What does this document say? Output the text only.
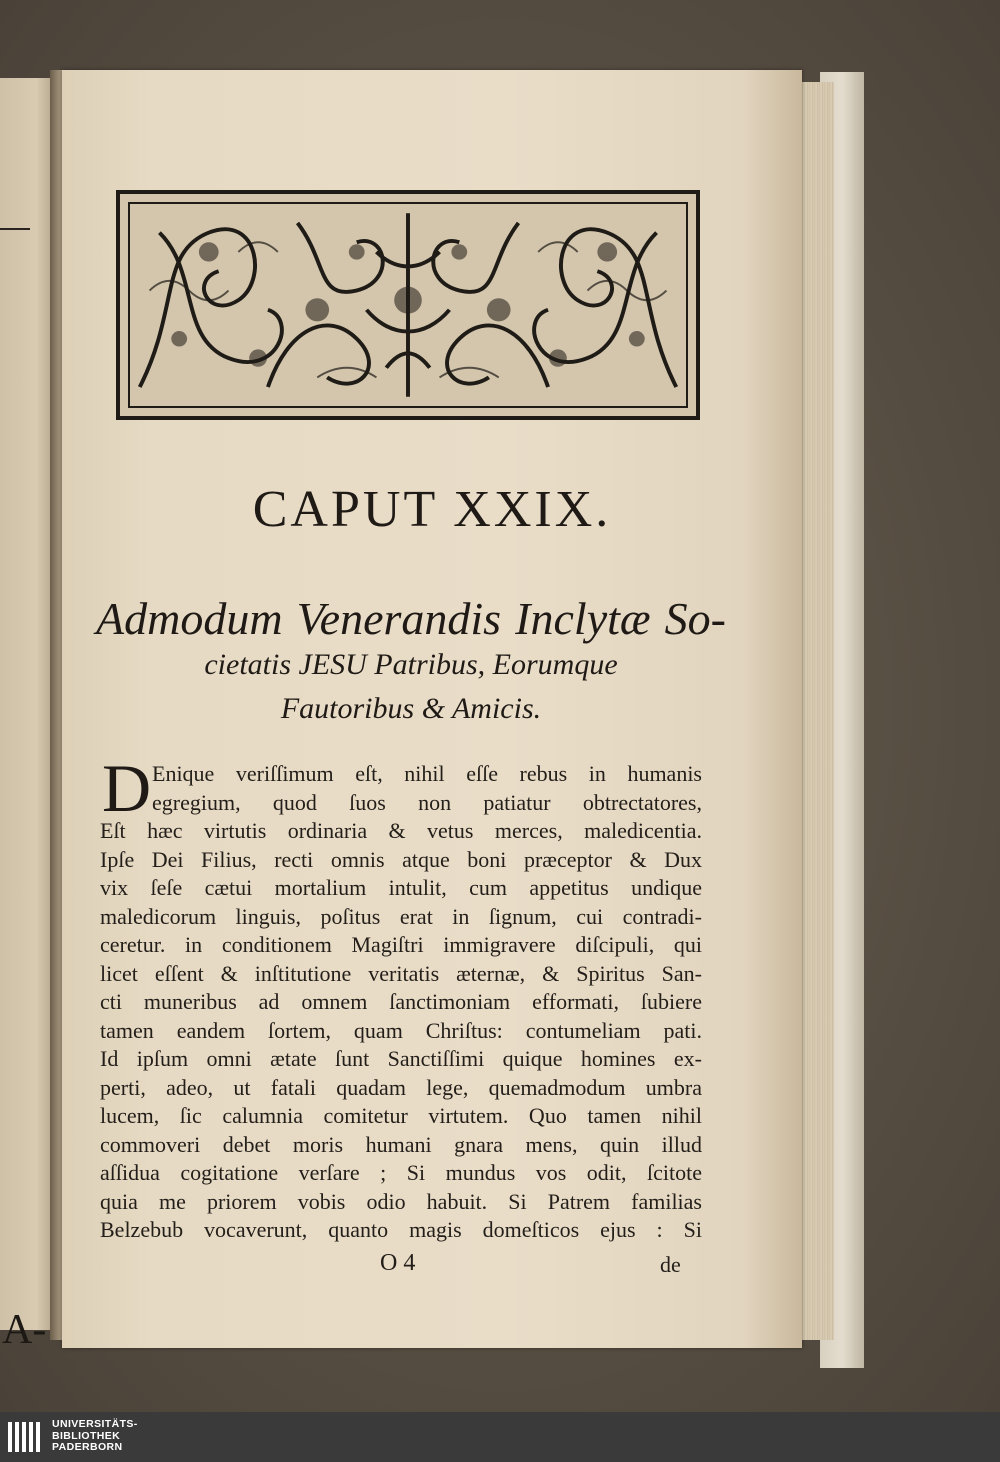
A-
CAPUT XXIX.
Admodum Venerandis Inclytæ So-
cietatis JESU Patribus, Eorumque
Fautoribus & Amicis.
D Enique veriſſimum eſt, nihil eſſe rebus in humanis
egregium, quod ſuos non patiatur obtrectatores,
Eſt hæc virtutis ordinaria & vetus merces, maledicentia.
Ipſe Dei Filius, recti omnis atque boni præceptor & Dux
vix ſeſe cætui mortalium intulit, cum appetitus undique
maledicorum linguis, poſitus erat in ſignum, cui contradi-
ceretur. in conditionem Magiſtri immigravere diſcipuli, qui
licet eſſent & inſtitutione veritatis æternæ, & Spiritus San-
cti muneribus ad omnem ſanctimoniam efformati, ſubiere
tamen eandem ſortem, quam Chriſtus: contumeliam pati.
Id ipſum omni ætate ſunt Sanctiſſimi quique homines ex-
perti, adeo, ut fatali quadam lege, quemadmodum umbra
lucem, ſic calumnia comitetur virtutem. Quo tamen nihil
commoveri debet moris humani gnara mens, quin illud
aſſidua cogitatione verſare ; Si mundus vos odit, ſcitote
quia me priorem vobis odio habuit. Si Patrem familias
Belzebub vocaverunt, quanto magis domeſticos ejus : Si
O 4	de
UNIVERSITÄTS-
BIBLIOTHEK
PADERBORN
